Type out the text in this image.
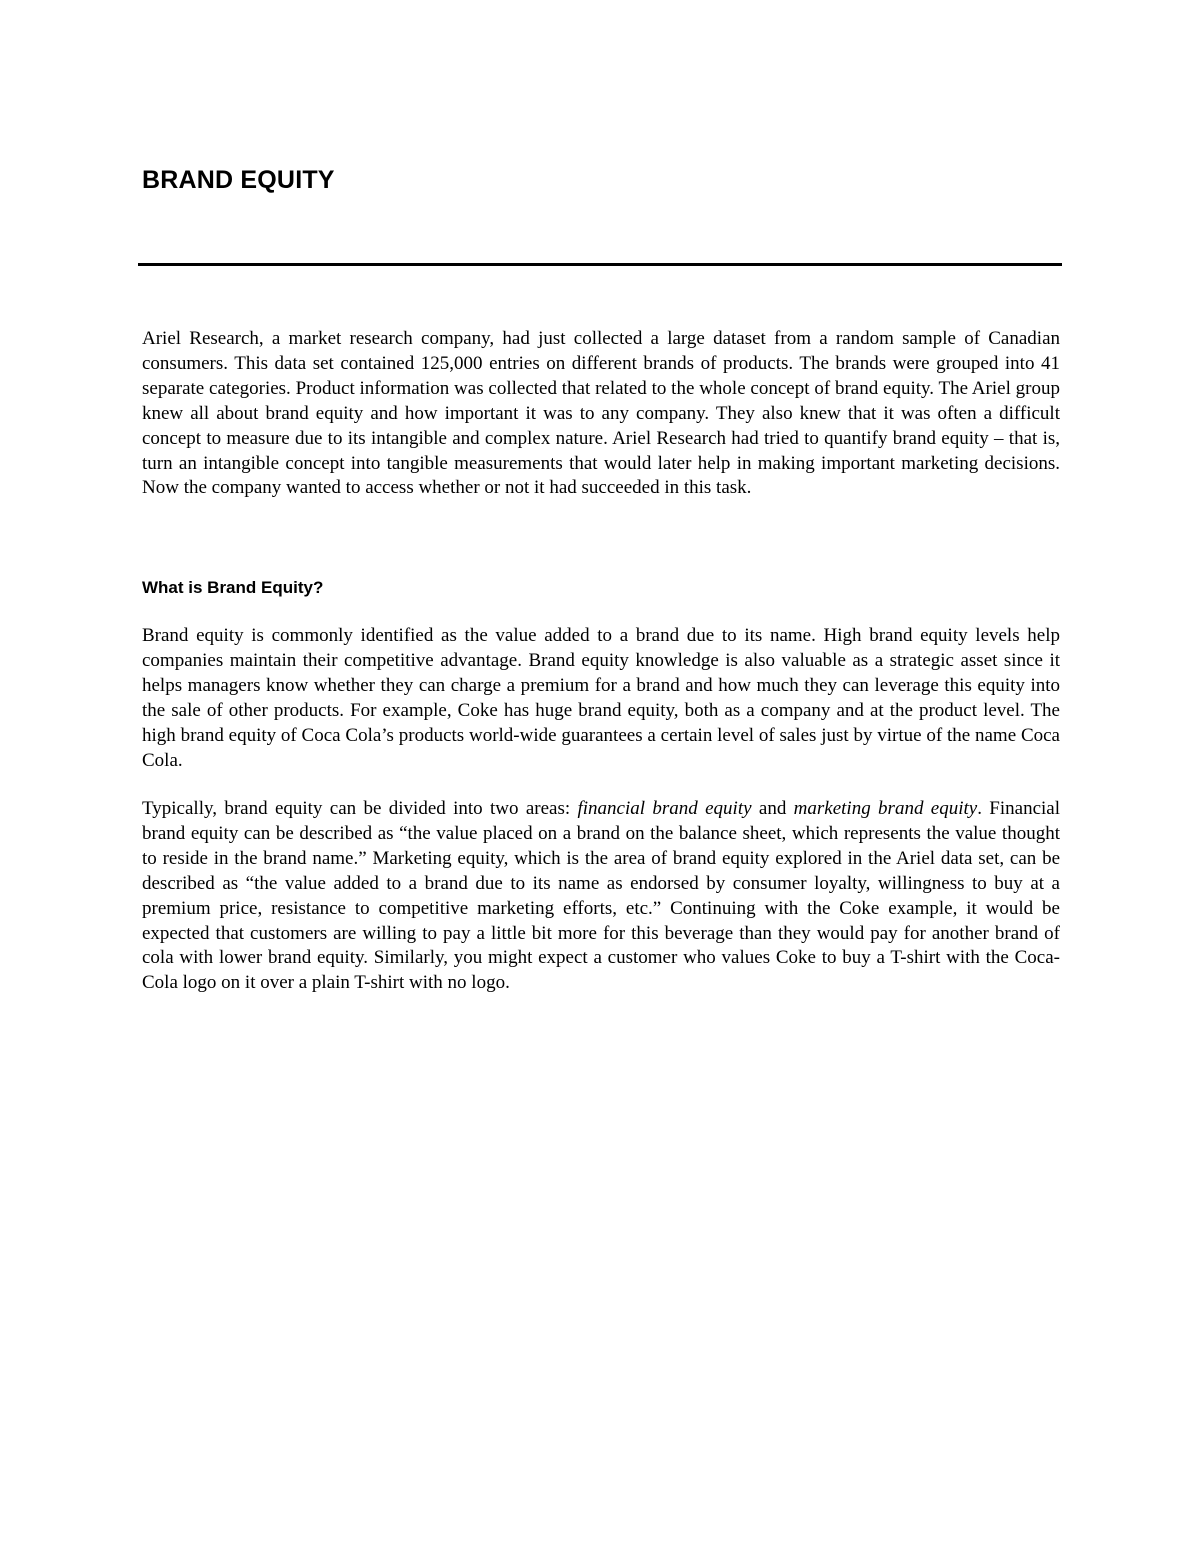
BRAND EQUITY

Ariel Research, a market research company, had just collected a large dataset from a random sample of Canadian consumers. This data set contained 125,000 entries on different brands of products. The brands were grouped into 41 separate categories. Product information was collected that related to the whole concept of brand equity. The Ariel group knew all about brand equity and how important it was to any company. They also knew that it was often a difficult concept to measure due to its intangible and complex nature. Ariel Research had tried to quantify brand equity – that is, turn an intangible concept into tangible measurements that would later help in making important marketing decisions. Now the company wanted to access whether or not it had succeeded in this task.

What is Brand Equity?

Brand equity is commonly identified as the value added to a brand due to its name. High brand equity levels help companies maintain their competitive advantage. Brand equity knowledge is also valuable as a strategic asset since it helps managers know whether they can charge a premium for a brand and how much they can leverage this equity into the sale of other products. For example, Coke has huge brand equity, both as a company and at the product level. The high brand equity of Coca Cola’s products world-wide guarantees a certain level of sales just by virtue of the name Coca Cola.

Typically, brand equity can be divided into two areas: financial brand equity and marketing brand equity. Financial brand equity can be described as “the value placed on a brand on the balance sheet, which represents the value thought to reside in the brand name.” Marketing equity, which is the area of brand equity explored in the Ariel data set, can be described as “the value added to a brand due to its name as endorsed by consumer loyalty, willingness to buy at a premium price, resistance to competitive marketing efforts, etc.” Continuing with the Coke example, it would be expected that customers are willing to pay a little bit more for this beverage than they would pay for another brand of cola with lower brand equity. Similarly, you might expect a customer who values Coke to buy a T-shirt with the Coca-Cola logo on it over a plain T-shirt with no logo.
